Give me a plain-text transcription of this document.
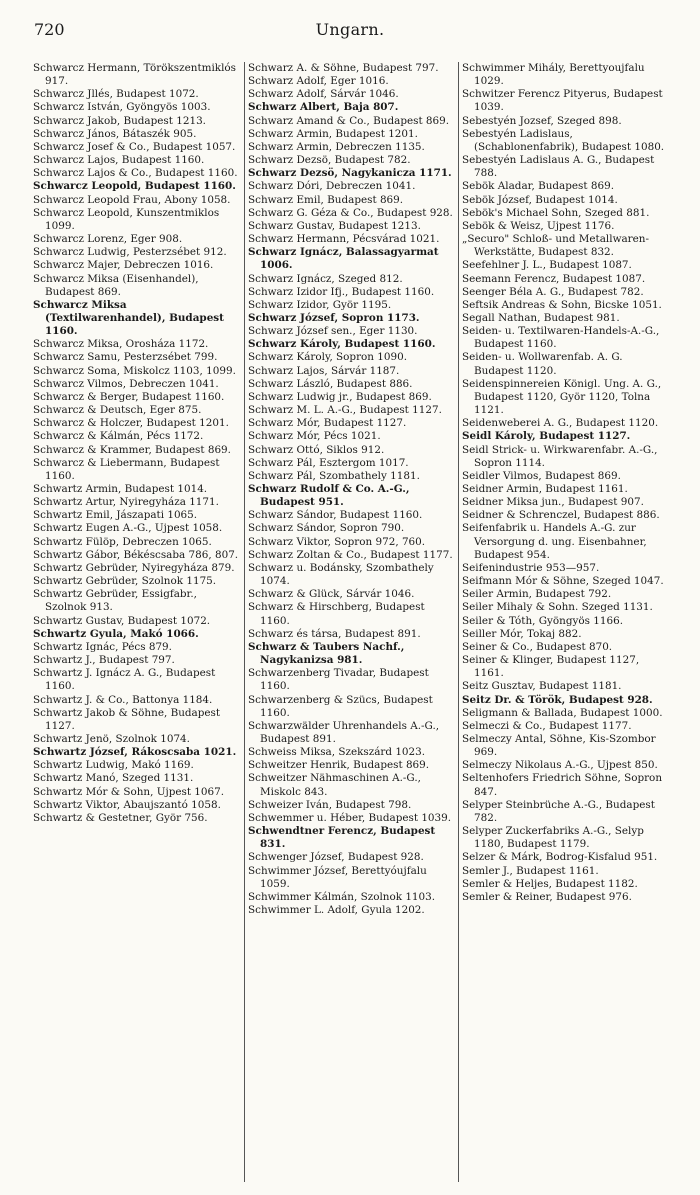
720	Ungarn.

Schwarcz Hermann, Törökszentmiklós 917.

Schwarcz Jllés, Budapest 1072.

Schwarcz István, Gyöngyös 1003.

Schwarcz Jakob, Budapest 1213.

Schwarcz János, Bátaszék 905.

Schwarcz Josef & Co., Budapest 1057.

Schwarcz Lajos, Budapest 1160.

Schwarcz Lajos & Co., Budapest 1160.

Schwarcz Leopold, Budapest 1160.

Schwarcz Leopold Frau, Abony 1058.

Schwarcz Leopold, Kunszentmiklos 1099.

Schwarcz Lorenz, Eger 908.

Schwarcz Ludwig, Pesterzsébet 912.

Schwarcz Majer, Debreczen 1016.

Schwarcz Miksa (Eisenhandel), Budapest 869.

Schwarcz Miksa (Textilwarenhandel), Budapest 1160.

Schwarcz Miksa, Orosháza 1172.

Schwarcz Samu, Pesterzsébet 799.

Schwarcz Soma, Miskolcz 1103, 1099.

Schwarcz Vilmos, Debreczen 1041.

Schwarcz & Berger, Budapest 1160.

Schwarcz & Deutsch, Eger 875.

Schwarcz & Holczer, Budapest 1201.

Schwarcz & Kálmán, Pécs 1172.

Schwarcz & Krammer, Budapest 869.

Schwarcz & Liebermann, Budapest 1160.

Schwartz Armin, Budapest 1014.

Schwartz Artur, Nyiregyháza 1171.

Schwartz Emil, Jászapati 1065.

Schwartz Eugen A.-G., Ujpest 1058.

Schwartz Fülöp, Debreczen 1065.

Schwartz Gábor, Békéscsaba 786, 807.

Schwartz Gebrüder, Nyiregyháza 879.

Schwartz Gebrüder, Szolnok 1175.

Schwartz Gebrüder, Essigfabr., Szolnok 913.

Schwartz Gustav, Budapest 1072.

Schwartz Gyula, Makó 1066.

Schwartz Ignác, Pécs 879.

Schwartz J., Budapest 797.

Schwartz J. Ignácz A. G., Budapest 1160.

Schwartz J. & Co., Battonya 1184.

Schwartz Jakob & Söhne, Budapest 1127.

Schwartz Jenö, Szolnok 1074.

Schwartz József, Rákoscsaba 1021.

Schwartz Ludwig, Makó 1169.

Schwartz Manó, Szeged 1131.

Schwartz Mór & Sohn, Ujpest 1067.

Schwartz Viktor, Abaujszantó 1058.

Schwartz & Gestetner, Györ 756.

Schwarz A. & Söhne, Budapest 797.

Schwarz Adolf, Eger 1016.

Schwarz Adolf, Sárvár 1046.

Schwarz Albert, Baja 807.

Schwarz Amand & Co., Budapest 869.

Schwarz Armin, Budapest 1201.

Schwarz Armin, Debreczen 1135.

Schwarz Dezsö, Budapest 782.

Schwarz Dezsö, Nagykanicza 1171.

Schwarz Dóri, Debreczen 1041.

Schwarz Emil, Budapest 869.

Schwarz G. Géza & Co., Budapest 928.

Schwarz Gustav, Budapest 1213.

Schwarz Hermann, Pécsvárad 1021.

Schwarz Ignácz, Balassagyarmat 1006.

Schwarz Ignácz, Szeged 812.

Schwarz Izidor Ifj., Budapest 1160.

Schwarz Izidor, Györ 1195.

Schwarz József, Sopron 1173.

Schwarz József sen., Eger 1130.

Schwarz Károly, Budapest 1160.

Schwarz Károly, Sopron 1090.

Schwarz Lajos, Sárvár 1187.

Schwarz László, Budapest 886.

Schwarz Ludwig jr., Budapest 869.

Schwarz M. L. A.-G., Budapest 1127.

Schwarz Mór, Budapest 1127.

Schwarz Mór, Pécs 1021.

Schwarz Ottó, Siklos 912.

Schwarz Pál, Esztergom 1017.

Schwarz Pál, Szombathely 1181.

Schwarz Rudolf & Co. A.-G., Budapest 951.

Schwarz Sándor, Budapest 1160.

Schwarz Sándor, Sopron 790.

Schwarz Viktor, Sopron 972, 760.

Schwarz Zoltan & Co., Budapest 1177.

Schwarz u. Bodánsky, Szombathely 1074.

Schwarz & Glück, Sárvár 1046.

Schwarz & Hirschberg, Budapest 1160.

Schwarz és társa, Budapest 891.

Schwarz & Taubers Nachf., Nagykanizsa 981.

Schwarzenberg Tivadar, Budapest 1160.

Schwarzenberg & Szücs, Budapest 1160.

Schwarzwälder Uhrenhandels A.-G., Budapest 891.

Schweiss Miksa, Szekszárd 1023.

Schweitzer Henrik, Budapest 869.

Schweitzer Nähmaschinen A.-G., Miskolc 843.

Schweizer Iván, Budapest 798.

Schwemmer u. Héber, Budapest 1039.

Schwendtner Ferencz, Budapest 831.

Schwenger József, Budapest 928.

Schwimmer József, Berettyóujfalu 1059.

Schwimmer Kálmán, Szolnok 1103.

Schwimmer L. Adolf, Gyula 1202.

Schwimmer Mihály, Berettyoujfalu 1029.

Schwitzer Ferencz Pityerus, Budapest 1039.

Sebestyén Jozsef, Szeged 898.

Sebestyén Ladislaus, (Schablonenfabrik), Budapest 1080.

Sebestyén Ladislaus A. G., Budapest 788.

Sebök Aladar, Budapest 869.

Sebök József, Budapest 1014.

Sebök's Michael Sohn, Szeged 881.

Sebök & Weisz, Ujpest 1176.

„Securo" Schloß- und Metallwaren-Werkstätte, Budapest 832.

Seefehlner J. L., Budapest 1087.

Seemann Ferencz, Budapest 1087.

Seenger Béla A. G., Budapest 782.

Seftsik Andreas & Sohn, Bicske 1051.

Segall Nathan, Budapest 981.

Seiden- u. Textilwaren-Handels-A.-G., Budapest 1160.

Seiden- u. Wollwarenfab. A. G. Budapest 1120.

Seidenspinnereien Königl. Ung. A. G., Budapest 1120, Györ 1120, Tolna 1121.

Seidenweberei A. G., Budapest 1120.

Seidl Károly, Budapest 1127.

Seidl Strick- u. Wirkwarenfabr. A.-G., Sopron 1114.

Seidler Vilmos, Budapest 869.

Seidner Armin, Budapest 1161.

Seidner Miksa jun., Budapest 907.

Seidner & Schrenczel, Budapest 886.

Seifenfabrik u. Handels A.-G. zur Versorgung d. ung. Eisenbahner, Budapest 954.

Seifenindustrie 953—957.

Seifmann Mór & Söhne, Szeged 1047.

Seiler Armin, Budapest 792.

Seiler Mihaly & Sohn. Szeged 1131.

Seiler & Tóth, Gyöngyös 1166.

Seiller Mór, Tokaj 882.

Seiner & Co., Budapest 870.

Seiner & Klinger, Budapest 1127, 1161.

Seitz Gusztav, Budapest 1181.

Seitz Dr. & Török, Budapest 928.

Seligmann & Ballada, Budapest 1000.

Selmeczi & Co., Budapest 1177.

Selmeczy Antal, Söhne, Kis-Szombor 969.

Selmeczy Nikolaus A.-G., Ujpest 850.

Seltenhofers Friedrich Söhne, Sopron 847.

Selyper Steinbrüche A.-G., Budapest 782.

Selyper Zuckerfabriks A.-G., Selyp 1180, Budapest 1179.

Selzer & Márk, Bodrog-Kisfalud 951.

Semler J., Budapest 1161.

Semler & Heljes, Budapest 1182.

Semler & Reiner, Budapest 976.
